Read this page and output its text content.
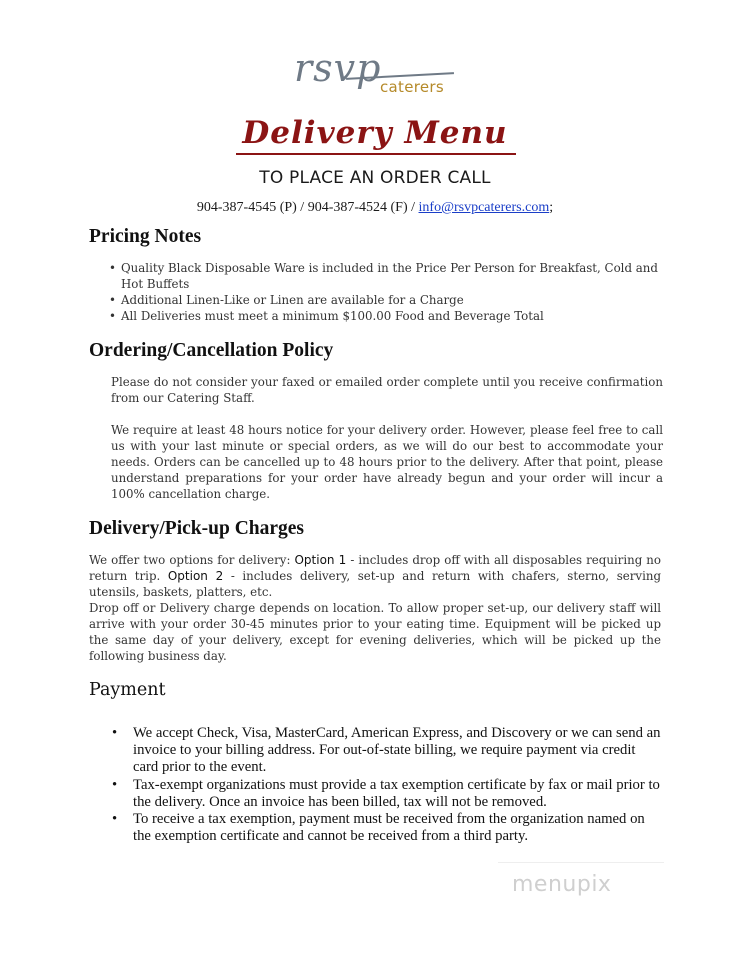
rsvp
caterers
Delivery Menu
TO PLACE AN ORDER CALL
904-387-4545 (P) / 904-387-4524 (F) / info@rsvpcaterers.com;
Pricing Notes
• Quality Black Disposable Ware is included in the Price Per Person for Breakfast, Cold and Hot Buffets
• Additional Linen-Like or Linen are available for a Charge
• All Deliveries must meet a minimum $100.00 Food and Beverage Total
Ordering/Cancellation Policy

Please do not consider your faxed or emailed order complete until you receive confirmation from our Catering Staff.

We require at least 48 hours notice for your delivery order. However, please feel free to call us with your last minute or special orders, as we will do our best to accommodate your needs. Orders can be cancelled up to 48 hours prior to the delivery. After that point, please understand preparations for your order have already begun and your order will incur a 100% cancellation charge.

Delivery/Pick-up Charges

We offer two options for delivery: Option 1 - includes drop off with all disposables requiring no return trip. Option 2 - includes delivery, set-up and return with chafers, sterno, serving utensils, baskets, platters, etc.

Drop off or Delivery charge depends on location. To allow proper set-up, our delivery staff will arrive with your order 30-45 minutes prior to your eating time. Equipment will be picked up the same day of your delivery, except for evening deliveries, which will be picked up the following business day.

Payment
• We accept Check, Visa, MasterCard, American Express, and Discovery or we can send an invoice to your billing address. For out-of-state billing, we require payment via credit card prior to the event.
• Tax-exempt organizations must provide a tax exemption certificate by fax or mail prior to the delivery. Once an invoice has been billed, tax will not be removed.
• To receive a tax exemption, payment must be received from the organization named on the exemption certificate and cannot be received from a third party.
menupix
